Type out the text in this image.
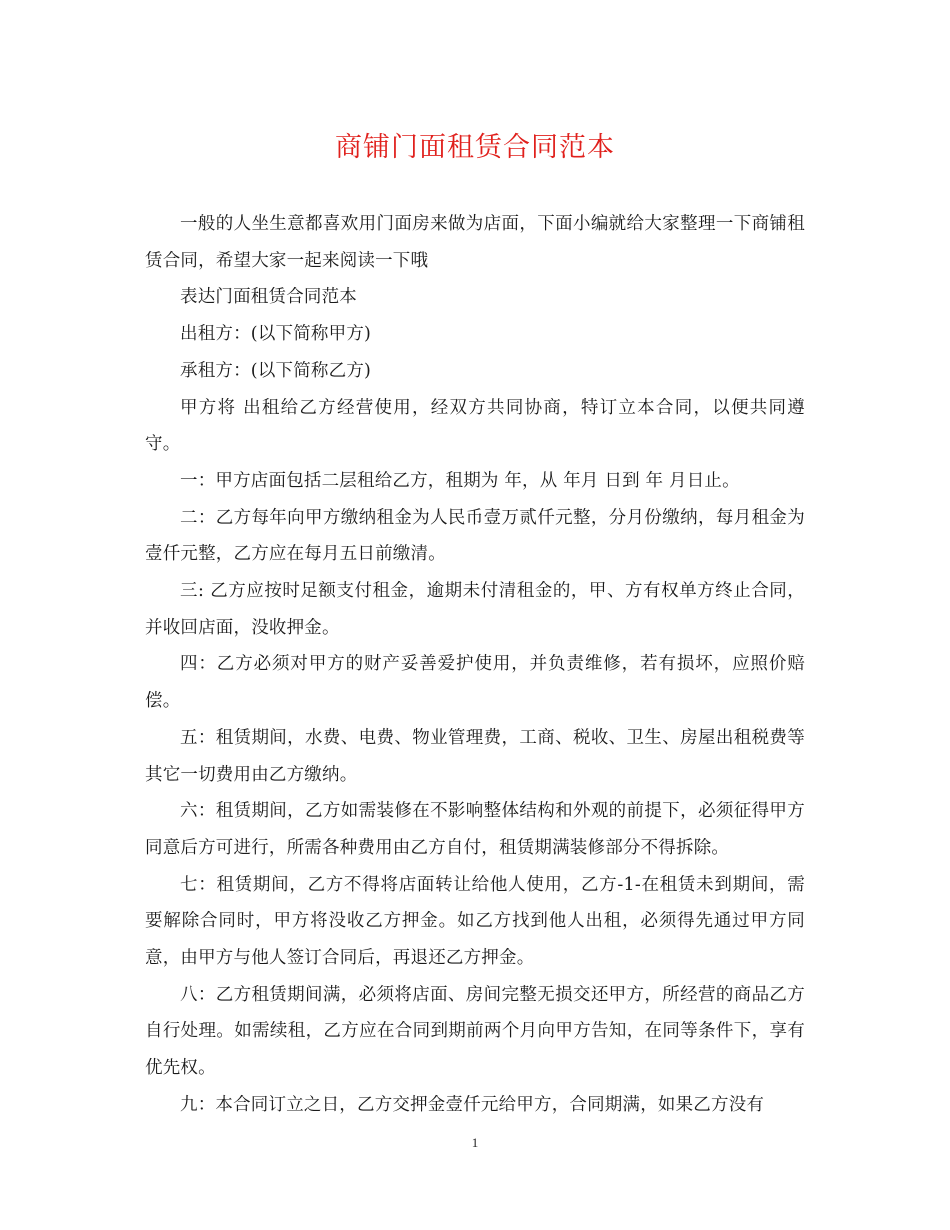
商铺门面租赁合同范本

一般的人坐生意都喜欢用门面房来做为店面，下面小编就给大家整理一下商铺租赁合同，希望大家一起来阅读一下哦

表达门面租赁合同范本

出租方：(以下简称甲方)

承租方：(以下简称乙方)

甲方将 出租给乙方经营使用，经双方共同协商，特订立本合同，以便共同遵守。

一：甲方店面包括二层租给乙方，租期为 年，从 年月 日到 年 月日止。

二：乙方每年向甲方缴纳租金为人民币壹万贰仟元整，分月份缴纳，每月租金为壹仟元整，乙方应在每月五日前缴清。

三: 乙方应按时足额支付租金，逾期未付清租金的，甲、方有权单方终止合同，并收回店面，没收押金。

四：乙方必须对甲方的财产妥善爱护使用，并负责维修，若有损坏，应照价赔偿。

五：租赁期间，水费、电费、物业管理费，工商、税收、卫生、房屋出租税费等其它一切费用由乙方缴纳。

六：租赁期间，乙方如需装修在不影响整体结构和外观的前提下，必须征得甲方同意后方可进行，所需各种费用由乙方自付，租赁期满装修部分不得拆除。

七：租赁期间，乙方不得将店面转让给他人使用，乙方-1-在租赁未到期间，需要解除合同时，甲方将没收乙方押金。如乙方找到他人出租，必须得先通过甲方同意，由甲方与他人签订合同后，再退还乙方押金。

八：乙方租赁期间满，必须将店面、房间完整无损交还甲方，所经营的商品乙方自行处理。如需续租，乙方应在合同到期前两个月向甲方告知，在同等条件下，享有优先权。

九：本合同订立之日，乙方交押金壹仟元给甲方，合同期满，如果乙方没有

1
